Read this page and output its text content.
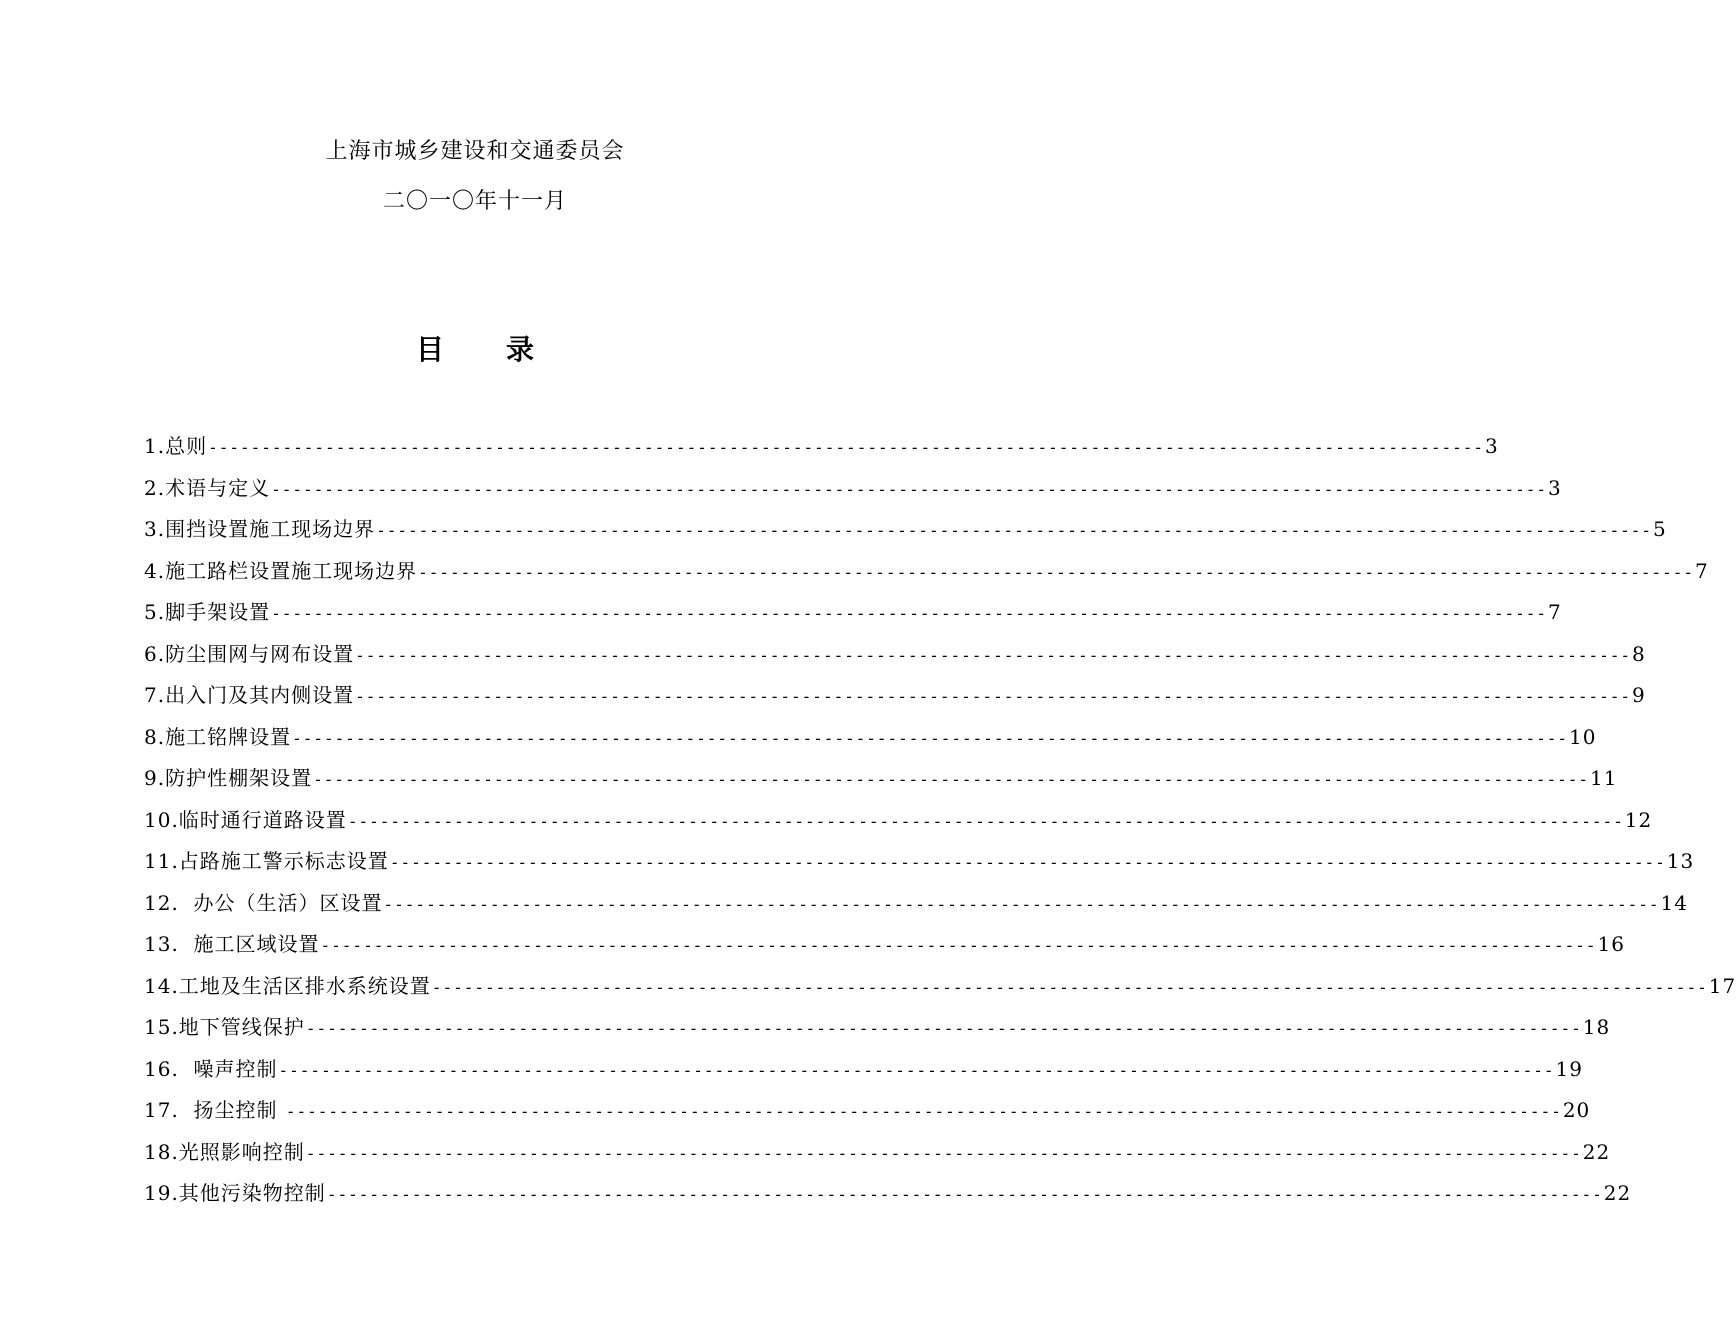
上海市城乡建设和交通委员会
二〇一〇年十一月
目 录
1.总则 ------------------------------------------------------------------------------------------------------------------------ 3
2.术语与定义 ------------------------------------------------------------------------------------------------------------------------ 3
3.围挡设置施工现场边界 ------------------------------------------------------------------------------------------------------------------------ 5
4.施工路栏设置施工现场边界 ------------------------------------------------------------------------------------------------------------------------ 7
5.脚手架设置 ------------------------------------------------------------------------------------------------------------------------ 7
6.防尘围网与网布设置 ------------------------------------------------------------------------------------------------------------------------ 8
7.出入门及其内侧设置 ------------------------------------------------------------------------------------------------------------------------ 9
8.施工铭牌设置 ------------------------------------------------------------------------------------------------------------------------ 10
9.防护性棚架设置 ------------------------------------------------------------------------------------------------------------------------ 11
10.临时通行道路设置 ------------------------------------------------------------------------------------------------------------------------ 12
11.占路施工警示标志设置 ------------------------------------------------------------------------------------------------------------------------ 13
12.  办公（生活）区设置 ------------------------------------------------------------------------------------------------------------------------ 14
13.  施工区域设置 ------------------------------------------------------------------------------------------------------------------------ 16
14.工地及生活区排水系统设置 ------------------------------------------------------------------------------------------------------------------------ 17
15.地下管线保护 ------------------------------------------------------------------------------------------------------------------------ 18
16.  噪声控制 ------------------------------------------------------------------------------------------------------------------------ 19
17.  扬尘控制 ------------------------------------------------------------------------------------------------------------------------ 20
18.光照影响控制 ------------------------------------------------------------------------------------------------------------------------ 22
19.其他污染物控制 ------------------------------------------------------------------------------------------------------------------------ 22
